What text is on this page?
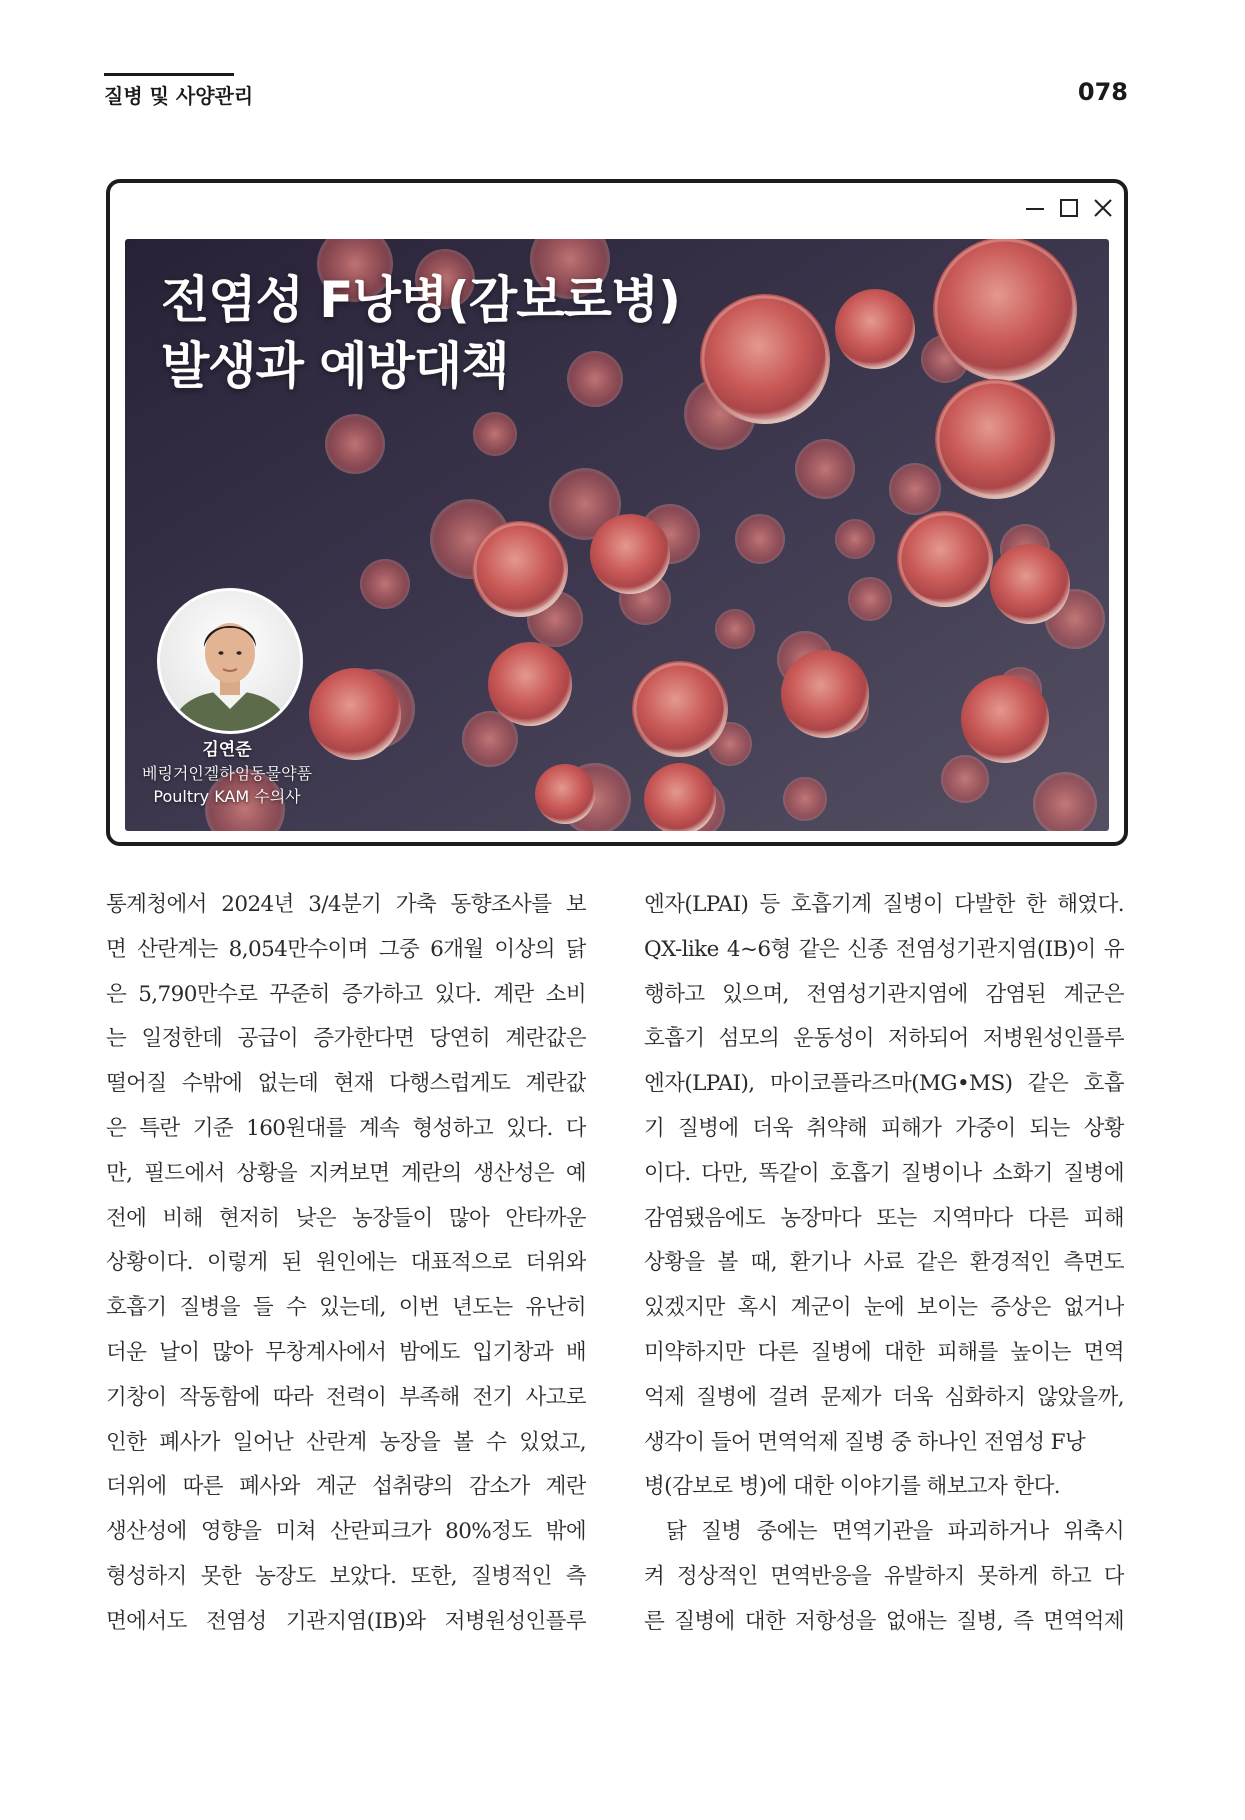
질병 및 사양관리	078
전염성 F낭병(감보로병)
발생과 예방대책
김연준
베링거인겔하임동물약품
Poultry KAM 수의사
통계청에서 2024년 3/4분기 가축 동향조사를 보
면 산란계는 8,054만수이며 그중 6개월 이상의 닭
은 5,790만수로 꾸준히 증가하고 있다. 계란 소비
는 일정한데 공급이 증가한다면 당연히 계란값은
떨어질 수밖에 없는데 현재 다행스럽게도 계란값
은 특란 기준 160원대를 계속 형성하고 있다. 다
만, 필드에서 상황을 지켜보면 계란의 생산성은 예
전에 비해 현저히 낮은 농장들이 많아 안타까운
상황이다. 이렇게 된 원인에는 대표적으로 더위와
호흡기 질병을 들 수 있는데, 이번 년도는 유난히
더운 날이 많아 무창계사에서 밤에도 입기창과 배
기창이 작동함에 따라 전력이 부족해 전기 사고로
인한 폐사가 일어난 산란계 농장을 볼 수 있었고,
더위에 따른 폐사와 계군 섭취량의 감소가 계란
생산성에 영향을 미쳐 산란피크가 80%정도 밖에
형성하지 못한 농장도 보았다. 또한, 질병적인 측
면에서도 전염성 기관지염(IB)와 저병원성인플루
엔자(LPAI) 등 호흡기계 질병이 다발한 한 해였다.
QX-like 4~6형 같은 신종 전염성기관지염(IB)이 유
행하고 있으며, 전염성기관지염에 감염된 계군은
호흡기 섬모의 운동성이 저하되어 저병원성인플루
엔자(LPAI), 마이코플라즈마(MG•MS) 같은 호흡
기 질병에 더욱 취약해 피해가 가중이 되는 상황
이다. 다만, 똑같이 호흡기 질병이나 소화기 질병에
감염됐음에도 농장마다 또는 지역마다 다른 피해
상황을 볼 때, 환기나 사료 같은 환경적인 측면도
있겠지만 혹시 계군이 눈에 보이는 증상은 없거나
미약하지만 다른 질병에 대한 피해를 높이는 면역
억제 질병에 걸려 문제가 더욱 심화하지 않았을까,
생각이 들어 면역억제 질병 중 하나인 전염성 F낭
병(감보로 병)에 대한 이야기를 해보고자 한다.
닭 질병 중에는 면역기관을 파괴하거나 위축시
켜 정상적인 면역반응을 유발하지 못하게 하고 다
른 질병에 대한 저항성을 없애는 질병, 즉 면역억제
